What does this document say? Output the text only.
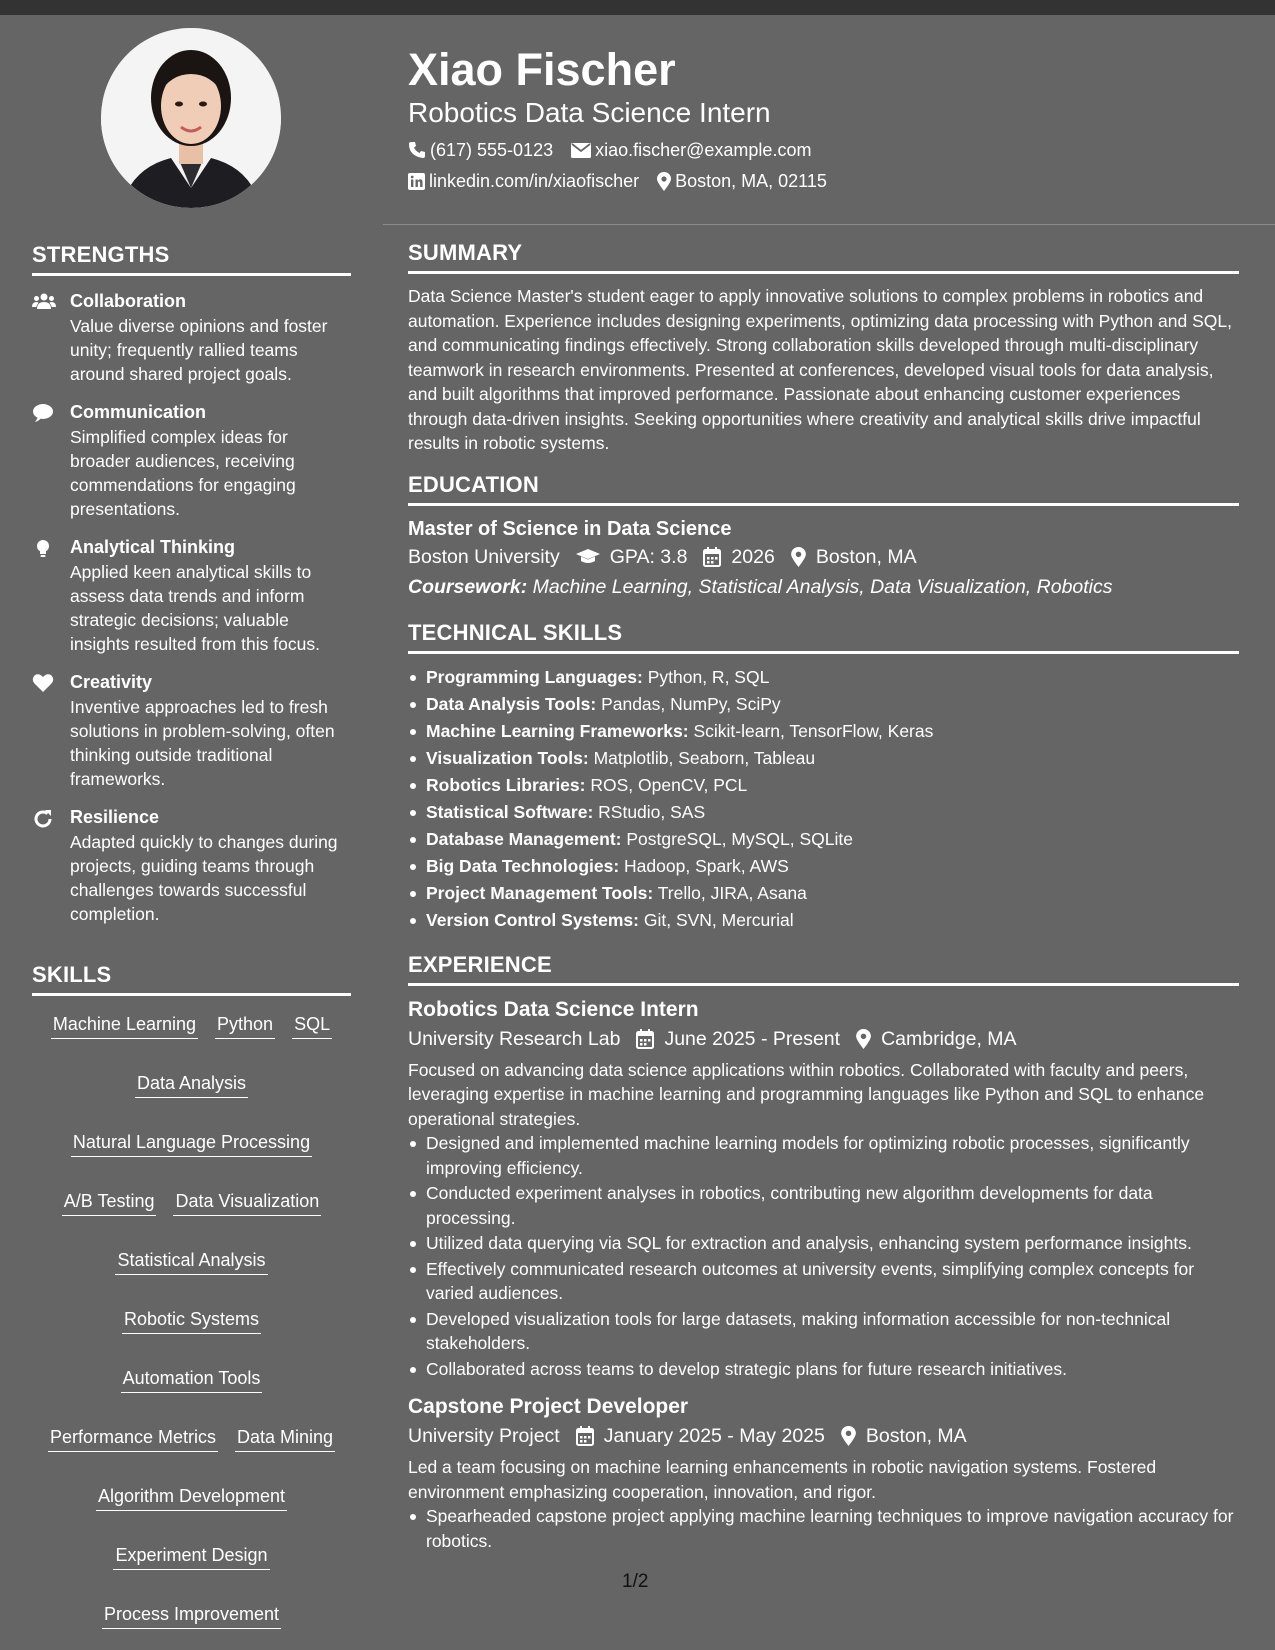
STRENGTHS
Collaboration
Value diverse opinions and foster unity; frequently rallied teams around shared project goals.
Communication
Simplified complex ideas for broader audiences, receiving commendations for engaging presentations.
Analytical Thinking
Applied keen analytical skills to assess data trends and inform strategic decisions; valuable insights resulted from this focus.
Creativity
Inventive approaches led to fresh solutions in problem-solving, often thinking outside traditional frameworks.
Resilience
Adapted quickly to changes during projects, guiding teams through challenges towards successful completion.
SKILLS
Machine Learning Python SQL
Data Analysis
Natural Language Processing
A/B Testing Data Visualization
Statistical Analysis
Robotic Systems
Automation Tools
Performance Metrics Data Mining
Algorithm Development
Experiment Design
Process Improvement
Xiao Fischer
Robotics Data Science Intern
(617) 555-0123 xiao.fischer@example.com
linkedin.com/in/xiaofischer Boston, MA, 02115
SUMMARY
Data Science Master's student eager to apply innovative solutions to complex problems in robotics and automation. Experience includes designing experiments, optimizing data processing with Python and SQL, and communicating findings effectively. Strong collaboration skills developed through multi-disciplinary teamwork in research environments. Presented at conferences, developed visual tools for data analysis, and built algorithms that improved performance. Passionate about enhancing customer experiences through data-driven insights. Seeking opportunities where creativity and analytical skills drive impactful results in robotic systems.
EDUCATION
Master of Science in Data Science
Boston University	GPA: 3.8 2026 Boston, MA
Coursework: Machine Learning, Statistical Analysis, Data Visualization, Robotics
TECHNICAL SKILLS
Programming Languages: Python, R, SQL
Data Analysis Tools: Pandas, NumPy, SciPy
Machine Learning Frameworks: Scikit-learn, TensorFlow, Keras
Visualization Tools: Matplotlib, Seaborn, Tableau
Robotics Libraries: ROS, OpenCV, PCL
Statistical Software: RStudio, SAS
Database Management: PostgreSQL, MySQL, SQLite
Big Data Technologies: Hadoop, Spark, AWS
Project Management Tools: Trello, JIRA, Asana
Version Control Systems: Git, SVN, Mercurial
EXPERIENCE
Robotics Data Science Intern
University Research Lab June 2025 - Present Cambridge, MA
Focused on advancing data science applications within robotics. Collaborated with faculty and peers, leveraging expertise in machine learning and programming languages like Python and SQL to enhance operational strategies.
Designed and implemented machine learning models for optimizing robotic processes, significantly improving efficiency.
Conducted experiment analyses in robotics, contributing new algorithm developments for data processing.
Utilized data querying via SQL for extraction and analysis, enhancing system performance insights.
Effectively communicated research outcomes at university events, simplifying complex concepts for varied audiences.
Developed visualization tools for large datasets, making information accessible for non-technical stakeholders.
Collaborated across teams to develop strategic plans for future research initiatives.
Capstone Project Developer
University Project January 2025 - May 2025 Boston, MA
Led a team focusing on machine learning enhancements in robotic navigation systems. Fostered environment emphasizing cooperation, innovation, and rigor.
Spearheaded capstone project applying machine learning techniques to improve navigation accuracy for robotics.
1/2
